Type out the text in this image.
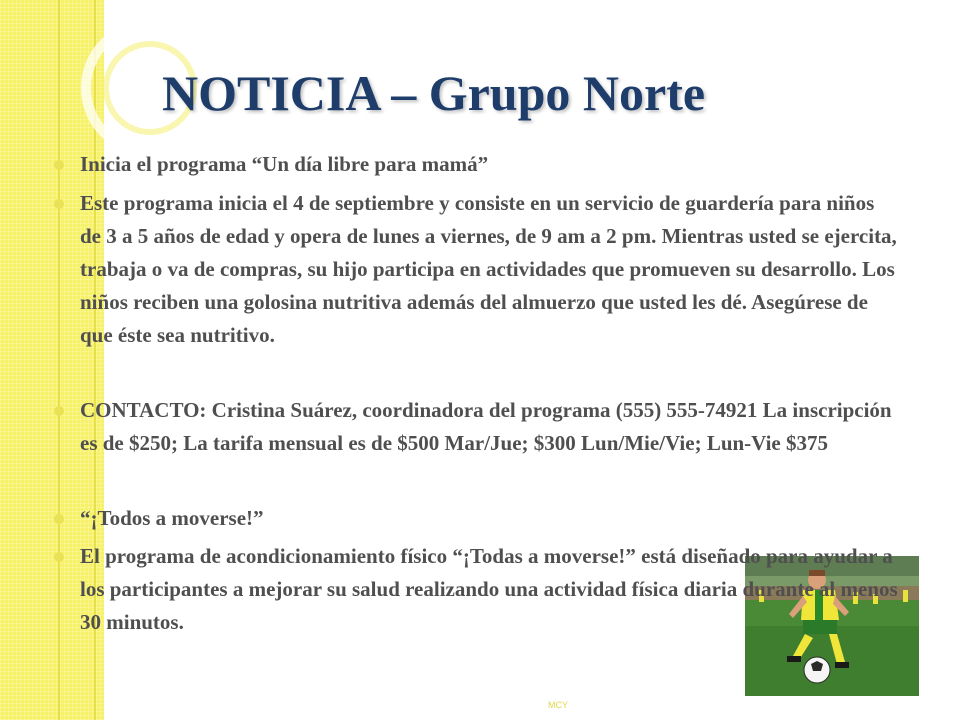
NOTICIA – Grupo Norte
Inicia el programa “Un día libre para mamá”
Este programa inicia el 4 de septiembre y consiste en un servicio de guardería para niños de 3 a 5 años de edad y opera de lunes a viernes, de 9 am a 2 pm. Mientras usted se ejercita, trabaja o va de compras, su hijo participa en actividades que promueven su desarrollo. Los niños reciben una golosina nutritiva además del almuerzo que usted les dé. Asegúrese de que éste sea nutritivo.
CONTACTO: Cristina Suárez, coordinadora del programa (555) 555-74921 La inscripción es de $250; La tarifa mensual es de $500 Mar/Jue; $300 Lun/Mie/Vie; Lun-Vie $375
“¡Todos a moverse!”
El programa de acondicionamiento físico “¡Todas a moverse!” está diseñado para ayudar a los participantes a mejorar su salud realizando una actividad física diaria durante al menos 30 minutos.
MCY
